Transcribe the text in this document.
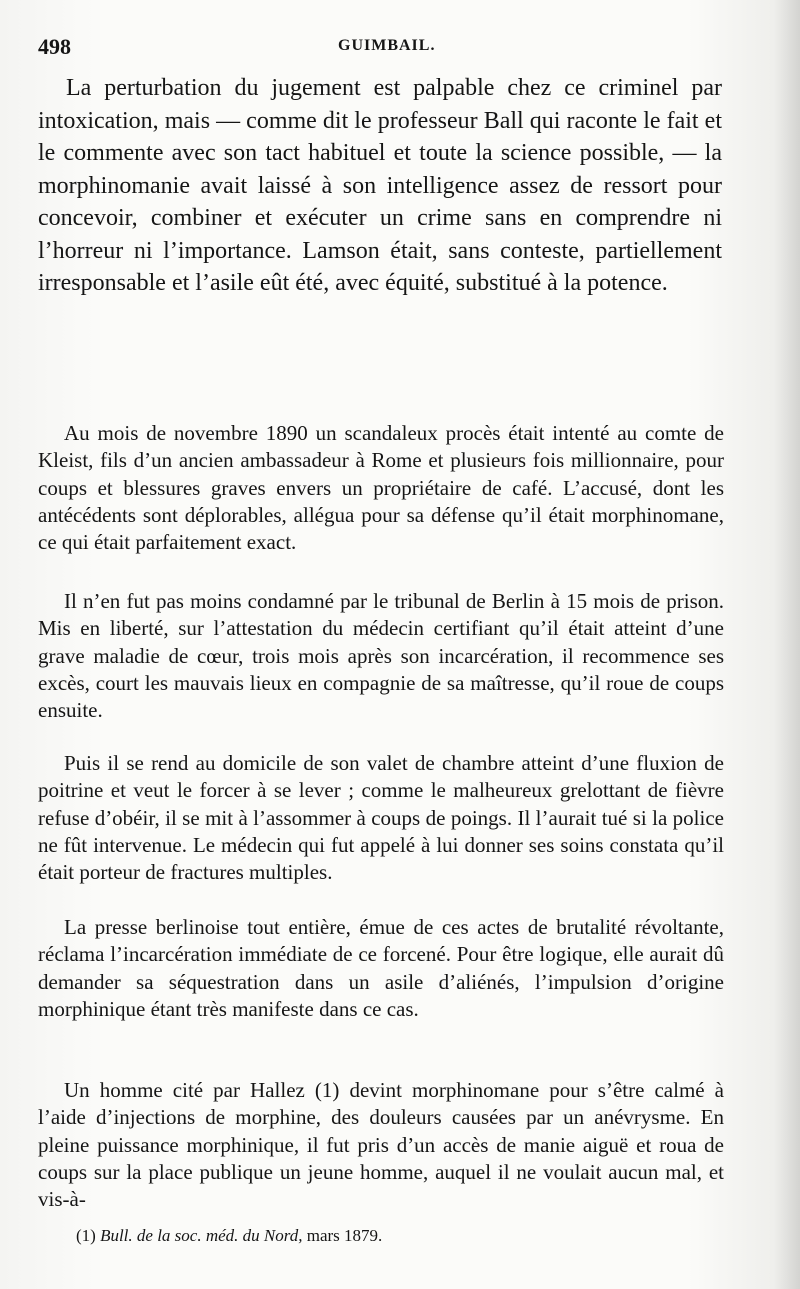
498	GUIMBAIL.

La perturbation du jugement est palpable chez ce criminel par intoxication, mais — comme dit le professeur Ball qui raconte le fait et le commente avec son tact habituel et toute la science possible, — la morphinomanie avait laissé à son intelligence assez de ressort pour concevoir, combiner et exécuter un crime sans en comprendre ni l’horreur ni l’importance. Lamson était, sans conteste, partiellement irresponsable et l’asile eût été, avec équité, substitué à la potence.

Au mois de novembre 1890 un scandaleux procès était intenté au comte de Kleist, fils d’un ancien ambassadeur à Rome et plusieurs fois millionnaire, pour coups et blessures graves envers un propriétaire de café. L’accusé, dont les antécédents sont déplorables, allégua pour sa défense qu’il était morphinomane, ce qui était parfaitement exact.

Il n’en fut pas moins condamné par le tribunal de Berlin à 15 mois de prison. Mis en liberté, sur l’attestation du médecin certifiant qu’il était atteint d’une grave maladie de cœur, trois mois après son incarcération, il recommence ses excès, court les mauvais lieux en compagnie de sa maîtresse, qu’il roue de coups ensuite.

Puis il se rend au domicile de son valet de chambre atteint d’une fluxion de poitrine et veut le forcer à se lever ; comme le malheureux grelottant de fièvre refuse d’obéir, il se mit à l’assommer à coups de poings. Il l’aurait tué si la police ne fût intervenue. Le médecin qui fut appelé à lui donner ses soins constata qu’il était porteur de fractures multiples.

La presse berlinoise tout entière, émue de ces actes de brutalité révoltante, réclama l’incarcération immédiate de ce forcené. Pour être logique, elle aurait dû demander sa séquestration dans un asile d’aliénés, l’impulsion d’origine morphinique étant très manifeste dans ce cas.

Un homme cité par Hallez (1) devint morphinomane pour s’être calmé à l’aide d’injections de morphine, des douleurs causées par un anévrysme. En pleine puissance morphinique, il fut pris d’un accès de manie aiguë et roua de coups sur la place publique un jeune homme, auquel il ne voulait aucun mal, et vis-à-

(1) Bull. de la soc. méd. du Nord, mars 1879.
